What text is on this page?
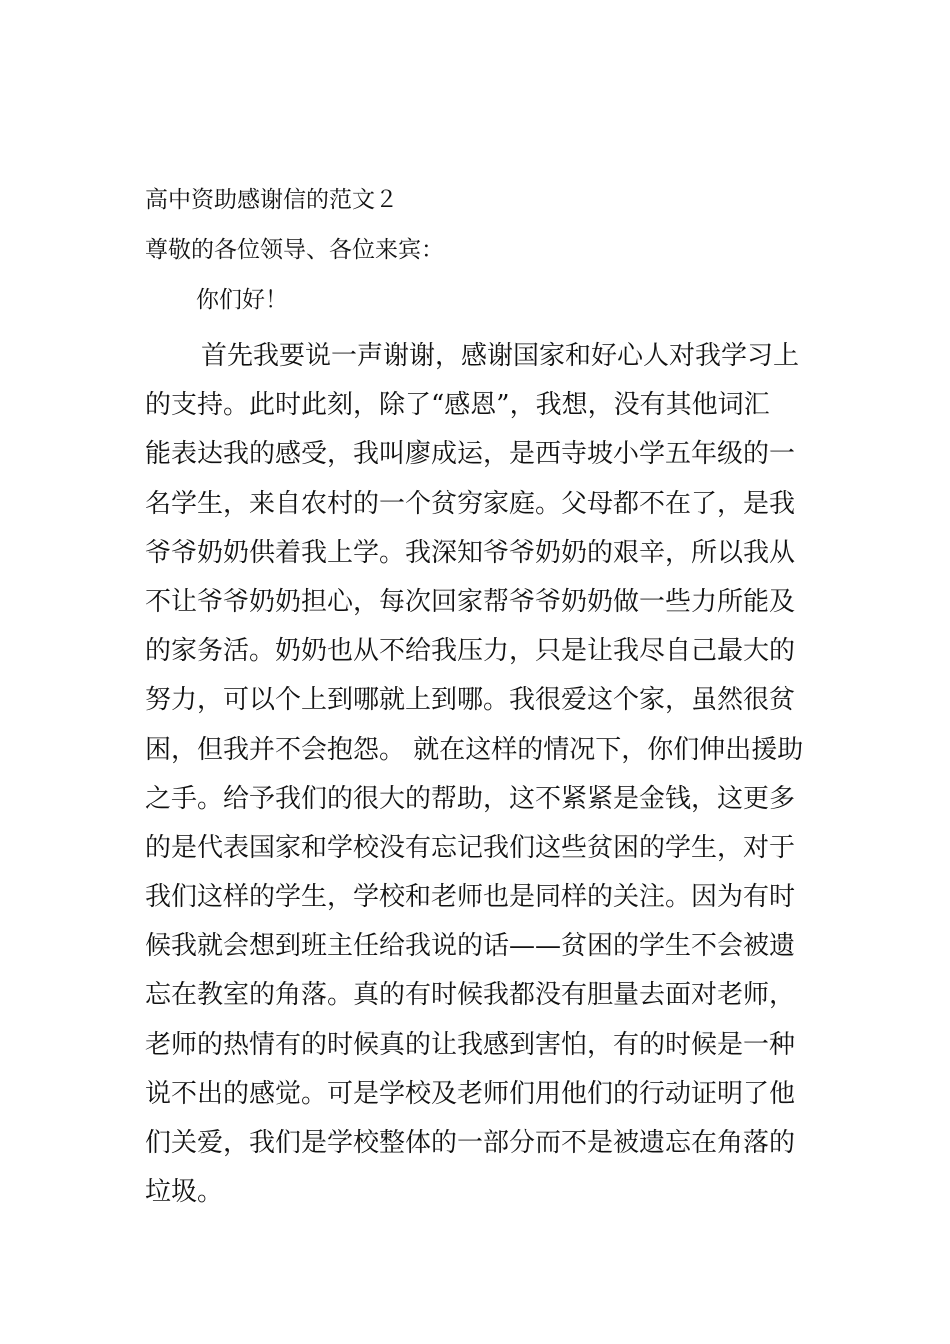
高中资助感谢信的范文２
尊敬的各位领导、各位来宾：
你们好！
首先我要说一声谢谢，感谢国家和好心人对我学习上
的支持。此时此刻，除了“感恩”，我想，没有其他词汇
能表达我的感受，我叫廖成运，是西寺坡小学五年级的一
名学生，来自农村的一个贫穷家庭。父母都不在了，是我
爷爷奶奶供着我上学。我深知爷爷奶奶的艰辛，所以我从
不让爷爷奶奶担心，每次回家帮爷爷奶奶做一些力所能及
的家务活。奶奶也从不给我压力，只是让我尽自己最大的
努力，可以个上到哪就上到哪。我很爱这个家，虽然很贫
困，但我并不会抱怨。 就在这样的情况下，你们伸出援助
之手。给予我们的很大的帮助，这不紧紧是金钱，这更多
的是代表国家和学校没有忘记我们这些贫困的学生，对于
我们这样的学生，学校和老师也是同样的关注。因为有时
候我就会想到班主任给我说的话——贫困的学生不会被遗
忘在教室的角落。真的有时候我都没有胆量去面对老师，
老师的热情有的时候真的让我感到害怕，有的时候是一种
说不出的感觉。可是学校及老师们用他们的行动证明了他
们关爱，我们是学校整体的一部分而不是被遗忘在角落的
垃圾。
